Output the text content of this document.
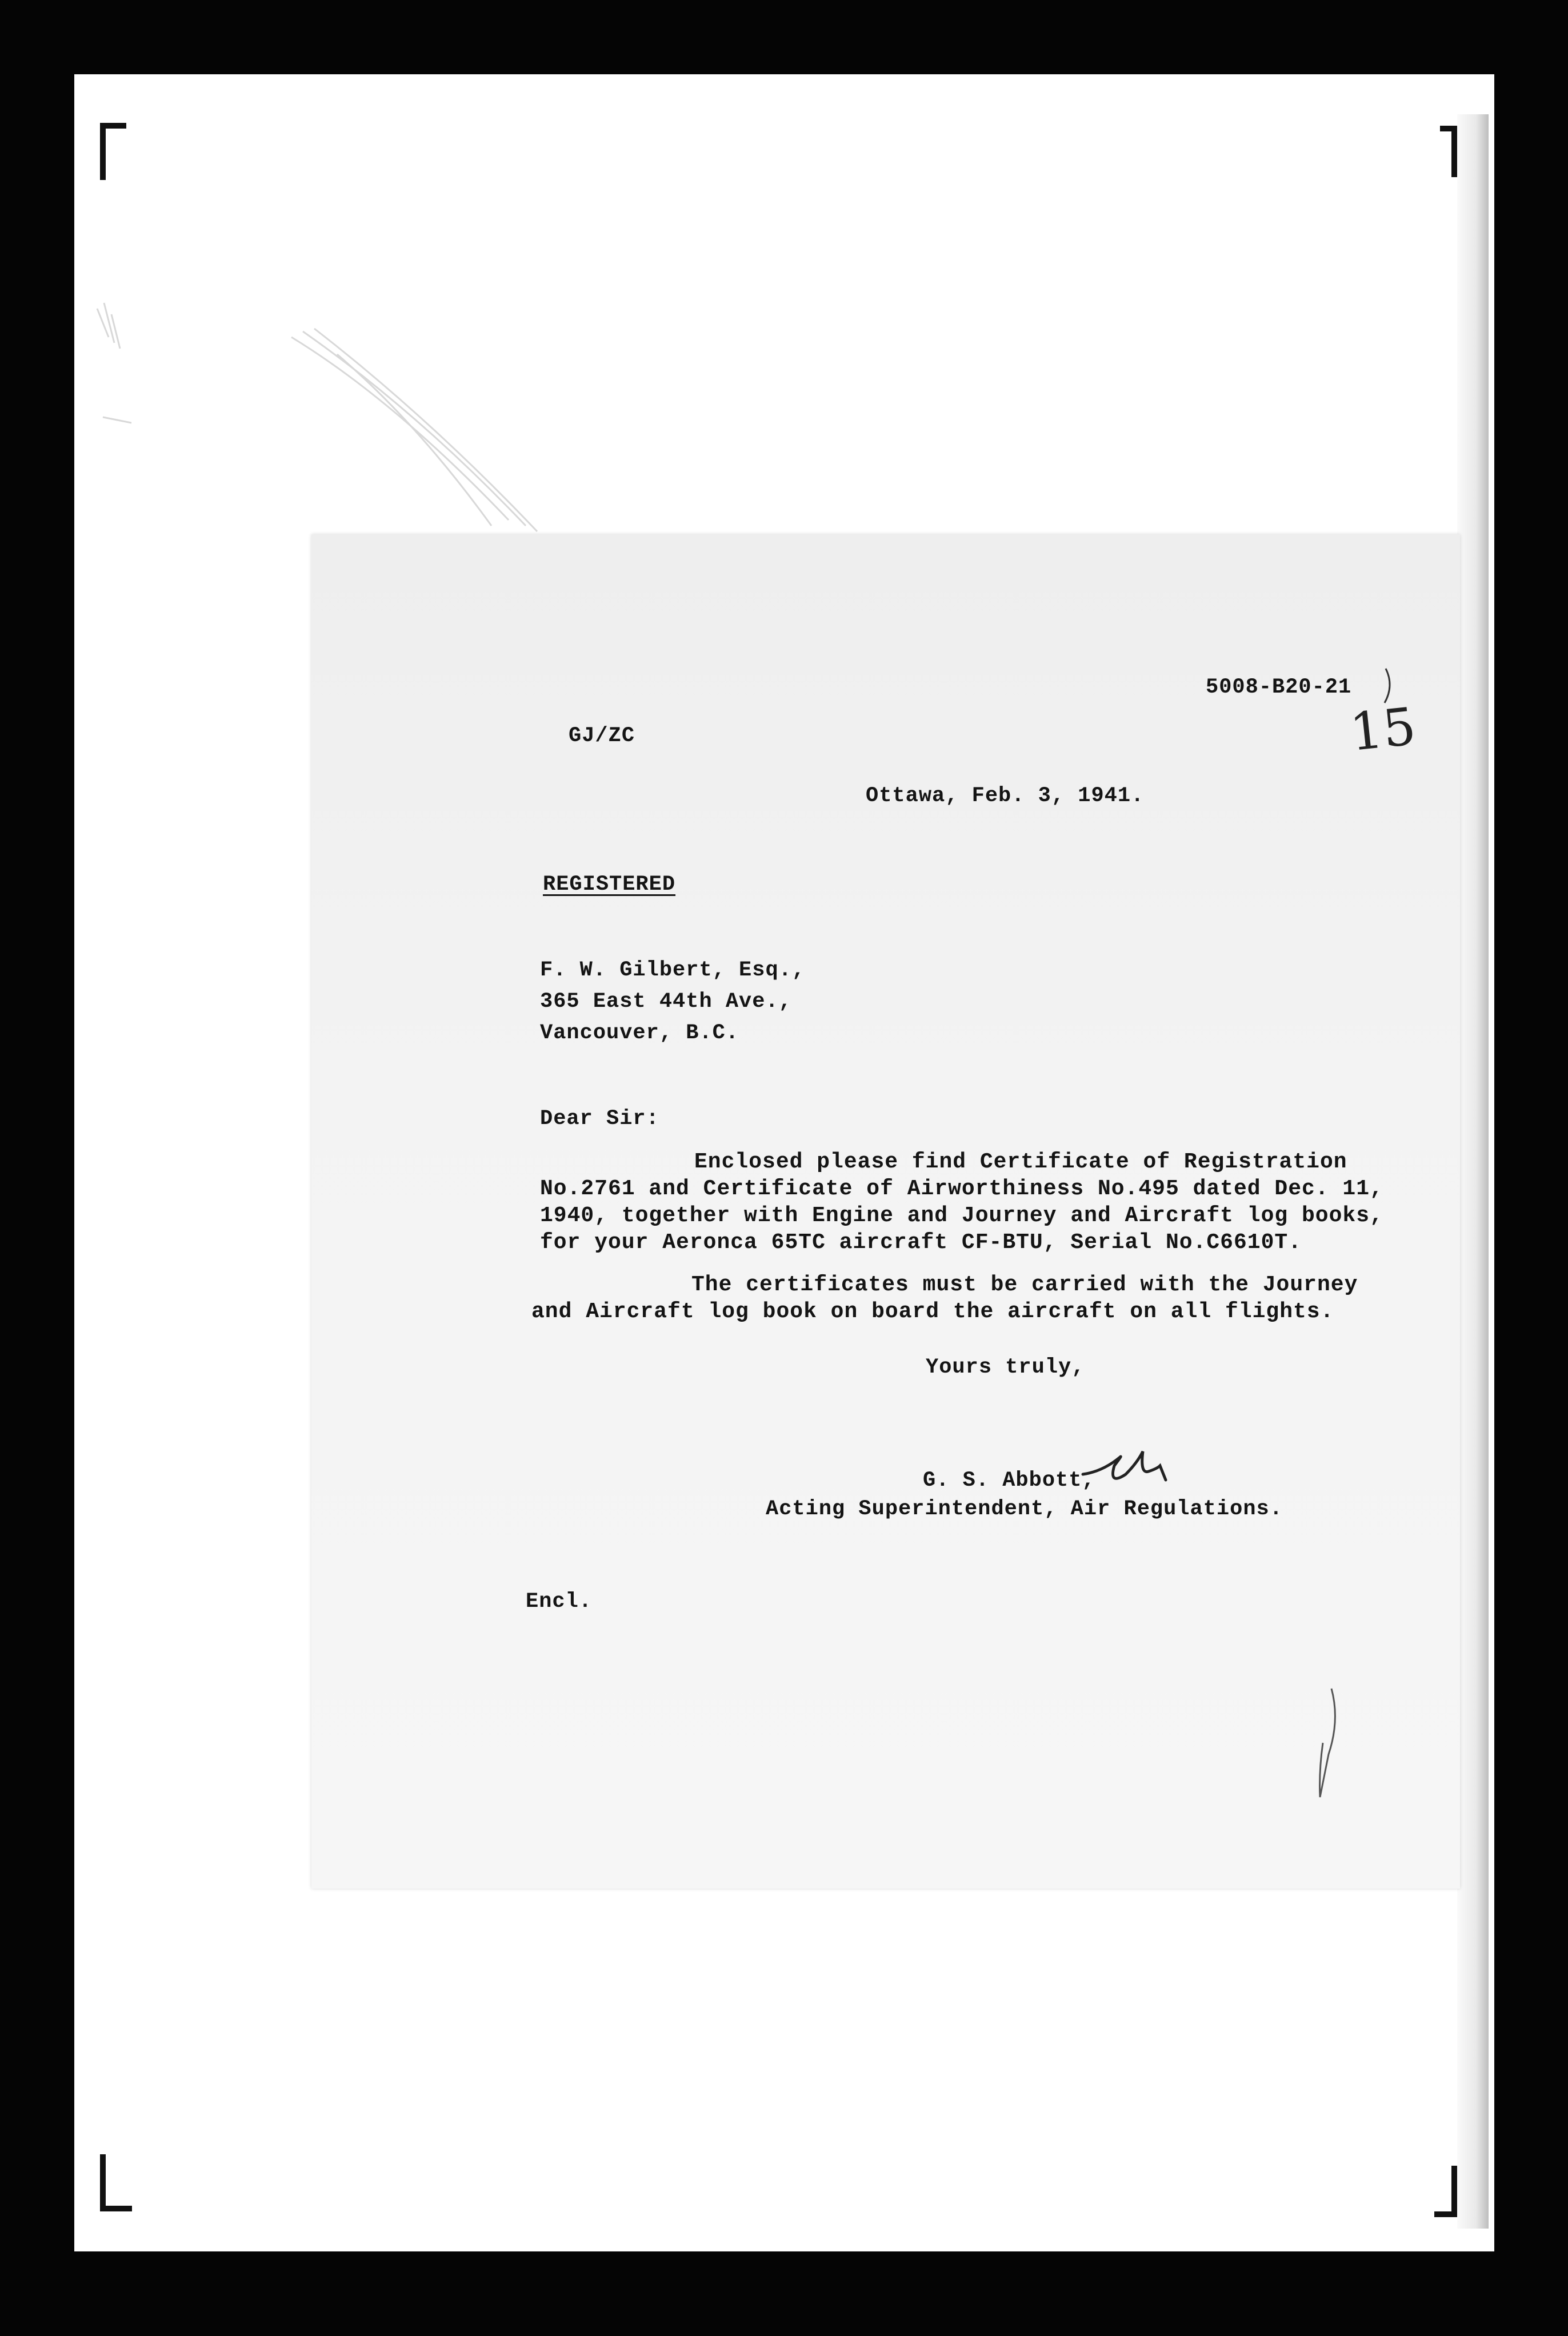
5008-B20-21
GJ/ZC
Ottawa, Feb. 3, 1941.
REGISTERED
F. W. Gilbert, Esq.,
365 East 44th Ave.,
Vancouver, B.C.
Dear Sir:
Enclosed please find Certificate of Registration
No.2761 and Certificate of Airworthiness No.495 dated Dec. 11,
1940, together with Engine and Journey and Aircraft log books,
for your Aeronca 65TC aircraft CF-BTU, Serial No.C6610T.
The certificates must be carried with the Journey
and Aircraft log book on board the aircraft on all flights.
Yours truly,
G. S. Abbott,
Acting Superintendent, Air Regulations.
Encl.
15
